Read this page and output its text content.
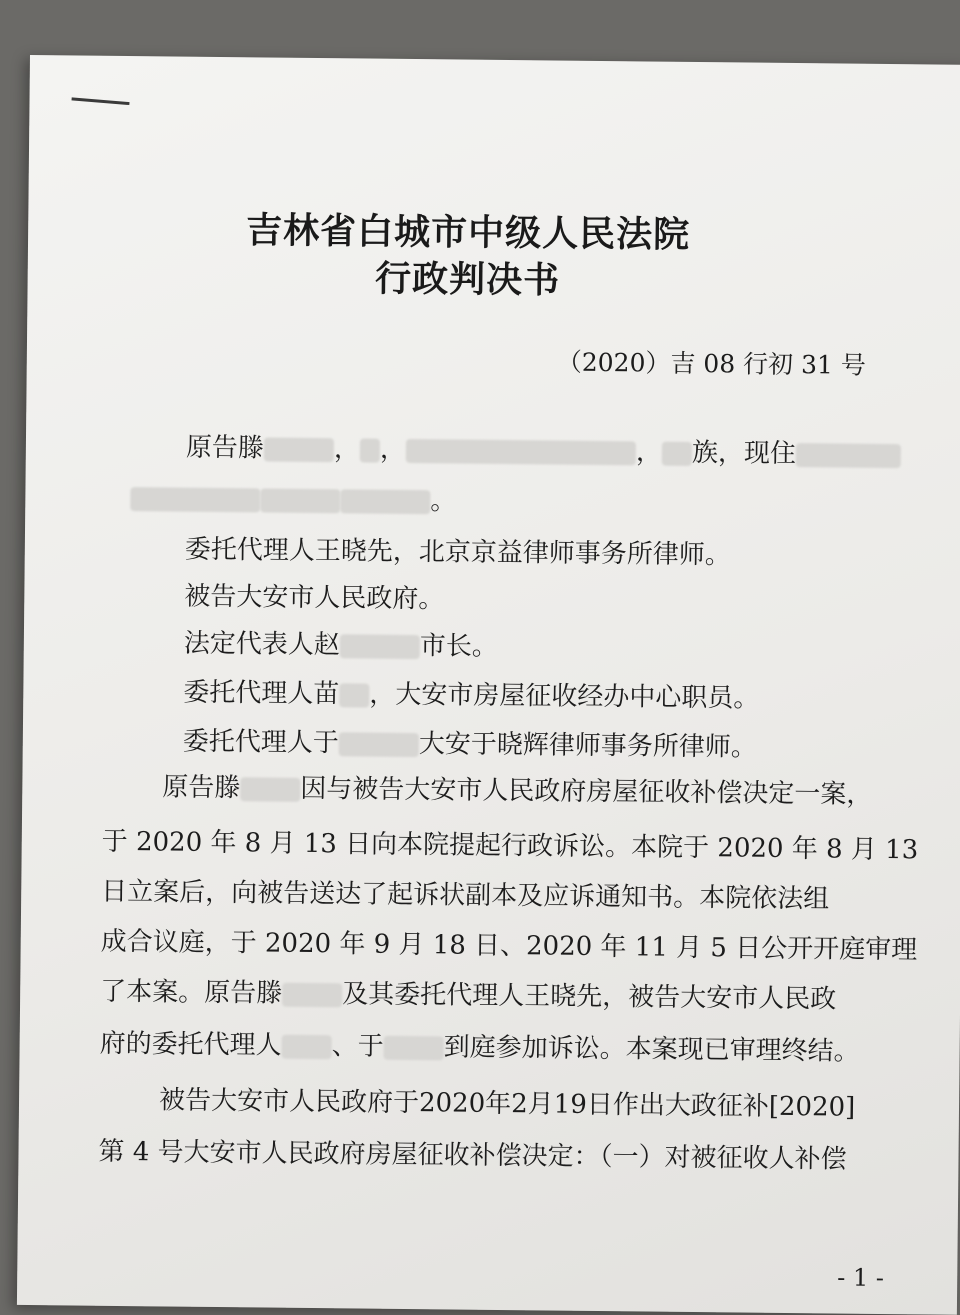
吉林省白城市中级人民法院
行政判决书
（2020）吉 08 行初 31 号
原告滕	， ，	， 族，现住
。
委托代理人王晓先，北京京益律师事务所律师。
被告大安市人民政府。
法定代表人赵	市长。
委托代理人苗 ，大安市房屋征收经办中心职员。
委托代理人于	大安于晓辉律师事务所律师。
原告滕 因与被告大安市人民政府房屋征收补偿决定一案，
于 2020 年 8 月 13 日向本院提起行政诉讼。本院于 2020 年 8 月 13
日立案后，向被告送达了起诉状副本及应诉通知书。本院依法组
成合议庭，于 2020 年 9 月 18 日、2020 年 11 月 5 日公开开庭审理
了本案。原告滕 及其委托代理人王晓先，被告大安市人民政
府的委托代理人 、于 到庭参加诉讼。本案现已审理终结。
被告大安市人民政府于2020年2月19日作出大政征补[2020]
第 4 号大安市人民政府房屋征收补偿决定：（一）对被征收人补偿
- 1 -
